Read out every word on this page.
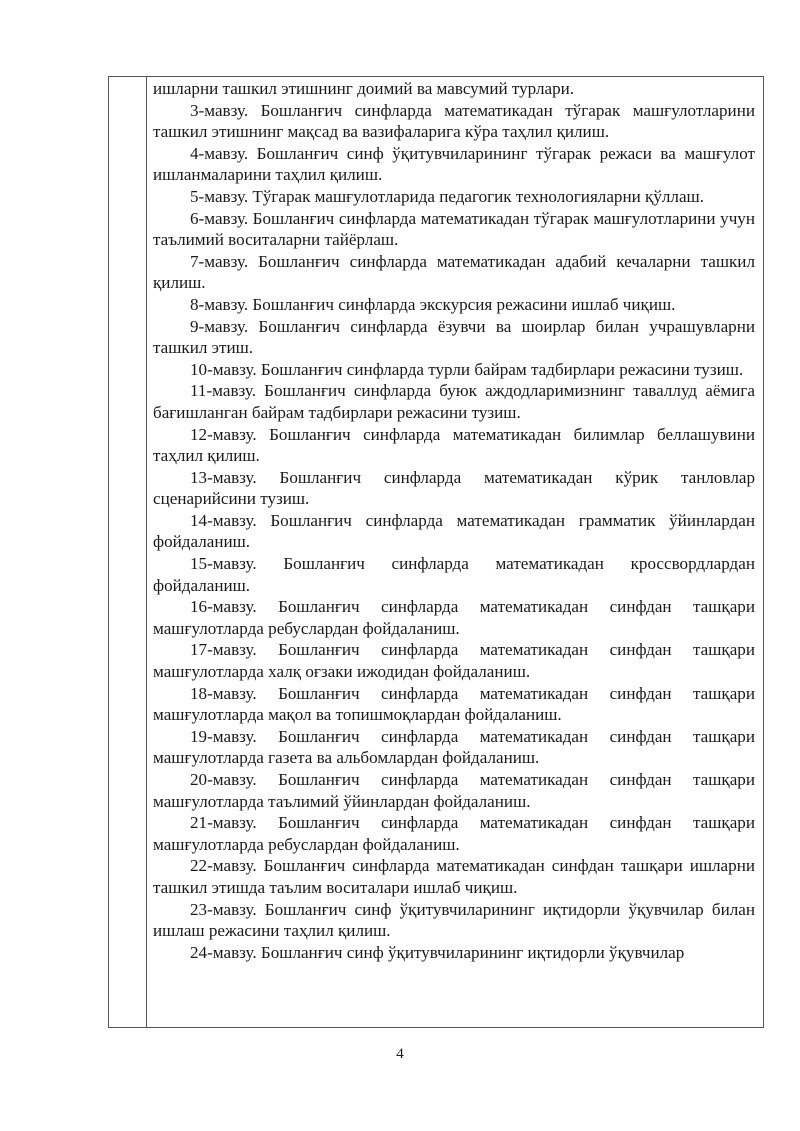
ишларни ташкил этишнинг доимий ва мавсумий турлари.

3-мавзу. Бошланғич синфларда математикадан тўгарак машғулотларини ташкил этишнинг мақсад ва вазифаларига кўра таҳлил қилиш.

4-мавзу. Бошланғич синф ўқитувчиларининг тўгарак режаси ва машғулот ишланмаларини таҳлил қилиш.

5-мавзу. Тўгарак машғулотларида педагогик технологияларни қўллаш.

6-мавзу. Бошланғич синфларда математикадан тўгарак машғулотларини учун таълимий воситаларни тайёрлаш.

7-мавзу. Бошланғич синфларда математикадан адабий кечаларни ташкил қилиш.

8-мавзу. Бошланғич синфларда экскурсия режасини ишлаб чиқиш.

9-мавзу. Бошланғич синфларда ёзувчи ва шоирлар билан учрашувларни ташкил этиш.

10-мавзу. Бошланғич синфларда турли байрам тадбирлари режасини тузиш.

11-мавзу. Бошланғич синфларда буюк аждодларимизнинг таваллуд аёмига бағишланган байрам тадбирлари режасини тузиш.

12-мавзу. Бошланғич синфларда математикадан билимлар беллашувини таҳлил қилиш.

13-мавзу. Бошланғич синфларда математикадан кўрик танловлар сценарийсини тузиш.

14-мавзу. Бошланғич синфларда математикадан грамматик ўйинлардан фойдаланиш.

15-мавзу. Бошланғич синфларда математикадан кроссвордлардан фойдаланиш.

16-мавзу. Бошланғич синфларда математикадан синфдан ташқари машғулотларда ребуслардан фойдаланиш.

17-мавзу. Бошланғич синфларда математикадан синфдан ташқари машғулотларда халқ оғзаки ижодидан фойдаланиш.

18-мавзу. Бошланғич синфларда математикадан синфдан ташқари машғулотларда мақол ва топишмоқлардан фойдаланиш.

19-мавзу. Бошланғич синфларда математикадан синфдан ташқари машғулотларда газета ва альбомлардан фойдаланиш.

20-мавзу. Бошланғич синфларда математикадан синфдан ташқари машғулотларда таълимий ўйинлардан фойдаланиш.

21-мавзу. Бошланғич синфларда математикадан синфдан ташқари машғулотларда ребуслардан фойдаланиш.

22-мавзу. Бошланғич синфларда математикадан синфдан ташқари ишларни ташкил этишда таълим воситалари ишлаб чиқиш.

23-мавзу. Бошланғич синф ўқитувчиларининг иқтидорли ўқувчилар билан ишлаш режасини таҳлил қилиш.

24-мавзу. Бошланғич синф ўқитувчиларининг иқтидорли ўқувчилар

4
